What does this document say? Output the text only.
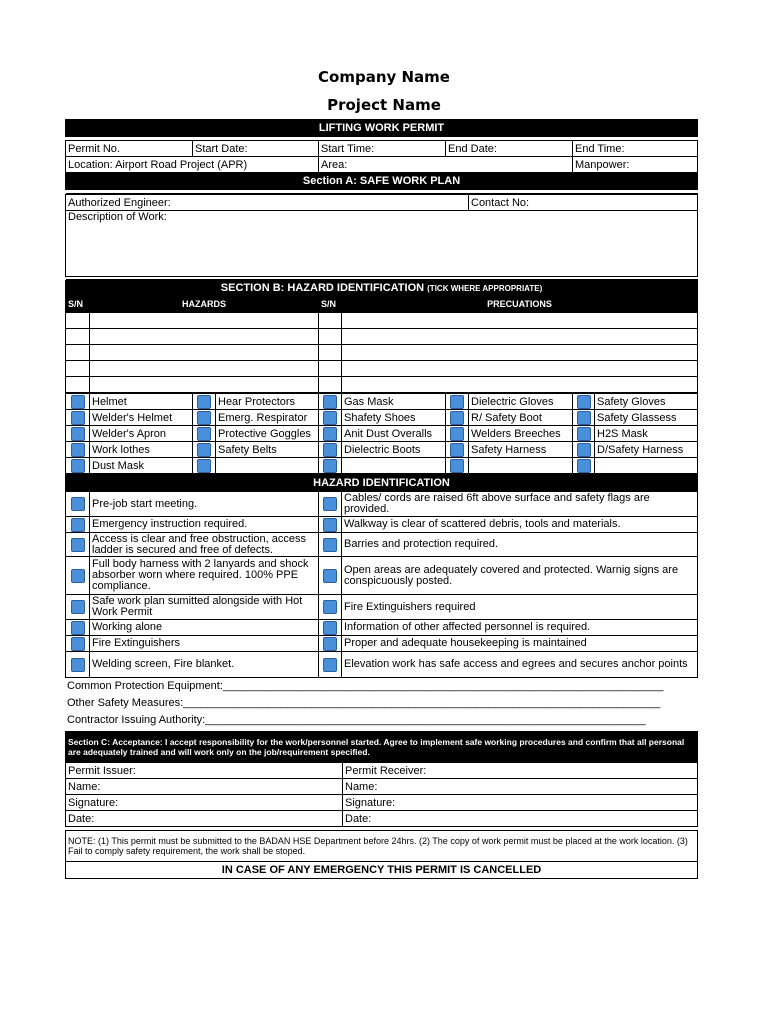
Company Name
Project Name
LIFTING WORK PERMIT				

Permit No.	Start Date:	Start Time:	End Date:	End Time:
Location: Airport Road Project (APR)		Area:		Manpower:
Section A: SAFE WORK PLAN				

Authorized Engineer:	Contact No:
Description of Work:

SECTION B: HAZARD IDENTIFICATION (TICK WHERE APPROPRIATE)			
S/N	HAZARDS	S/N	PRECUATIONS

	Helmet		Hear Protectors		Gas Mask		Dielectric Gloves		Safety Gloves
	Welder's Helmet		Emerg. Respirator		Shafety Shoes		R/ Safety Boot		Safety Glassess
	Welder's Apron		Protective Goggles		Anit Dust Overalls		Welders Breeches		H2S Mask
	Work lothes		Safety Belts		Dielectric Boots		Safety Harness		D/Safety Harness
	Dust Mask								
HAZARD IDENTIFICATION			
	Pre-job start meeting.		Cables/ cords are raised 6ft above surface and safety flags are provided.
	Emergency instruction required.		Walkway is clear of scattered debris, tools and materials.
	Access is clear and free obstruction, access ladder is secured and free of defects.		Barries and protection required.
	Full body harness with 2 lanyards and shock absorber worn where required. 100% PPE compliance.		Open areas are adequately covered and protected. Warnig signs are conspicuously posted.
	Safe work plan sumitted alongside with Hot Work Permit		Fire Extinguishers required
	Working alone		Information of other affected personnel is required.
	Fire Extinguishers		Proper and adequate housekeeping is maintained
	Welding screen, Fire blanket.		Elevation work has safe access and egrees and secures anchor points
Common Protection Equipment:________________________________________________________________________
Other Safety Measures:______________________________________________________________________________
Contractor Issuing Authority:________________________________________________________________________
Section C: Acceptance: I accept responsibility for the work/personnel started. Agree to implement safe working procedures and confirm that all personal are adequately trained and will work only on the job/requirement specified.	
Permit Issuer:	Permit Receiver:
Name:	Name:
Signature:	Signature:
Date:	Date:

NOTE: (1) This permit must be submitted to the BADAN HSE Department before 24hrs. (2) The copy of work permit must be placed at the work location. (3) Fail to comply safety requirement, the work shall be stoped.	
IN CASE OF ANY EMERGENCY THIS PERMIT IS CANCELLED	
